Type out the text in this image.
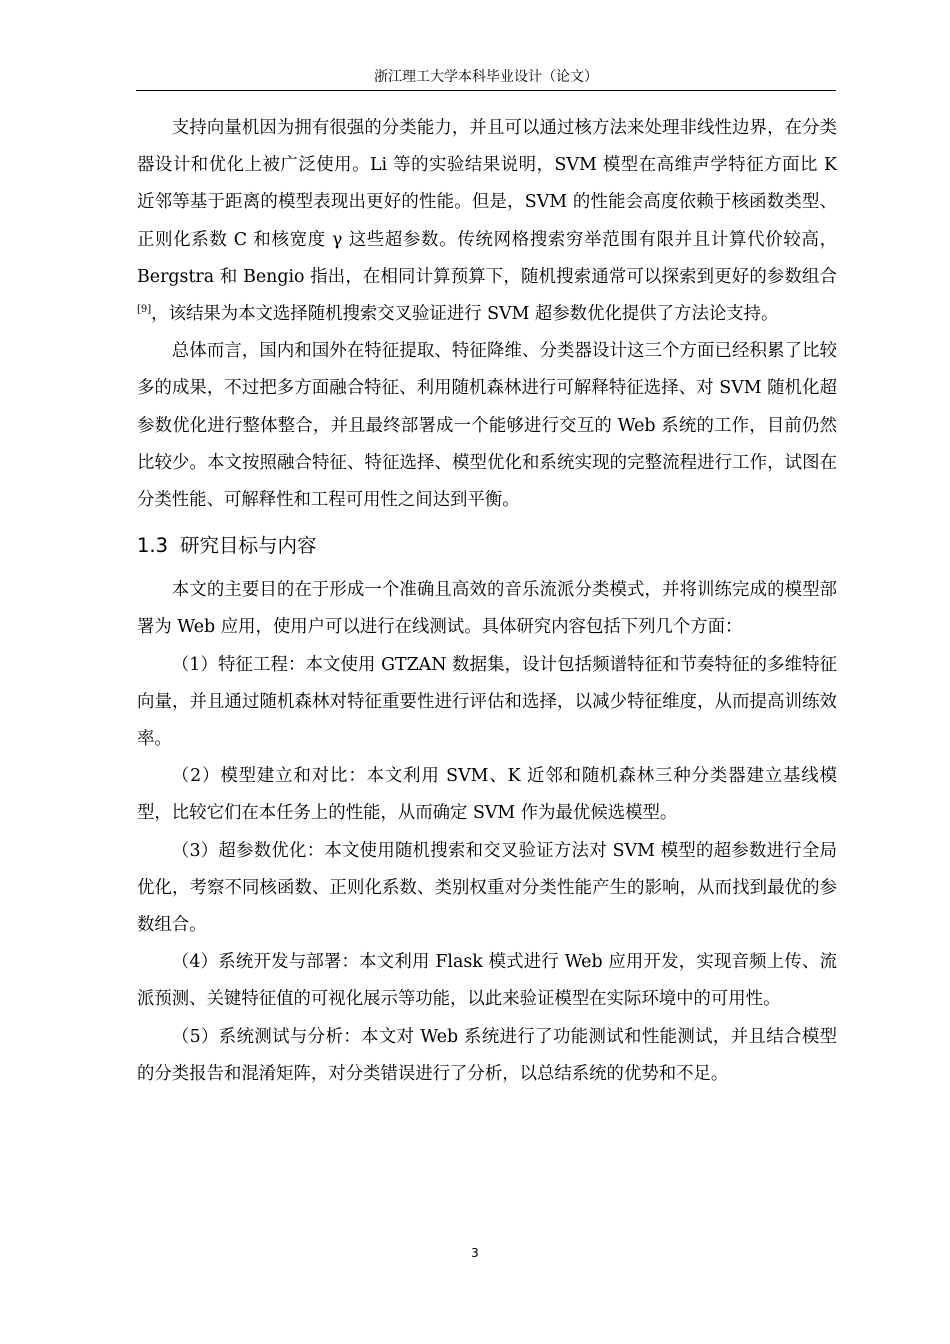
浙江理工大学本科毕业设计（论文）

支持向量机因为拥有很强的分类能力，并且可以通过核方法来处理非线性边界，在分类器设计和优化上被广泛使用。Li 等的实验结果说明，SVM 模型在高维声学特征方面比 K 近邻等基于距离的模型表现出更好的性能。但是，SVM 的性能会高度依赖于核函数类型、正则化系数 C 和核宽度 γ 这些超参数。传统网格搜索穷举范围有限并且计算代价较高，Bergstra 和 Bengio 指出，在相同计算预算下，随机搜索通常可以探索到更好的参数组合[9]，该结果为本文选择随机搜索交叉验证进行 SVM 超参数优化提供了方法论支持。

总体而言，国内和国外在特征提取、特征降维、分类器设计这三个方面已经积累了比较多的成果，不过把多方面融合特征、利用随机森林进行可解释特征选择、对 SVM 随机化超参数优化进行整体整合，并且最终部署成一个能够进行交互的 Web 系统的工作，目前仍然比较少。本文按照融合特征、特征选择、模型优化和系统实现的完整流程进行工作，试图在分类性能、可解释性和工程可用性之间达到平衡。

1.3 研究目标与内容

本文的主要目的在于形成一个准确且高效的音乐流派分类模式，并将训练完成的模型部署为 Web 应用，使用户可以进行在线测试。具体研究内容包括下列几个方面：

（1）特征工程：本文使用 GTZAN 数据集，设计包括频谱特征和节奏特征的多维特征向量，并且通过随机森林对特征重要性进行评估和选择，以减少特征维度，从而提高训练效率。

（2）模型建立和对比：本文利用 SVM、K 近邻和随机森林三种分类器建立基线模型，比较它们在本任务上的性能，从而确定 SVM 作为最优候选模型。

（3）超参数优化：本文使用随机搜索和交叉验证方法对 SVM 模型的超参数进行全局优化，考察不同核函数、正则化系数、类别权重对分类性能产生的影响，从而找到最优的参数组合。

（4）系统开发与部署：本文利用 Flask 模式进行 Web 应用开发，实现音频上传、流派预测、关键特征值的可视化展示等功能，以此来验证模型在实际环境中的可用性。

（5）系统测试与分析：本文对 Web 系统进行了功能测试和性能测试，并且结合模型的分类报告和混淆矩阵，对分类错误进行了分析，以总结系统的优势和不足。

3
